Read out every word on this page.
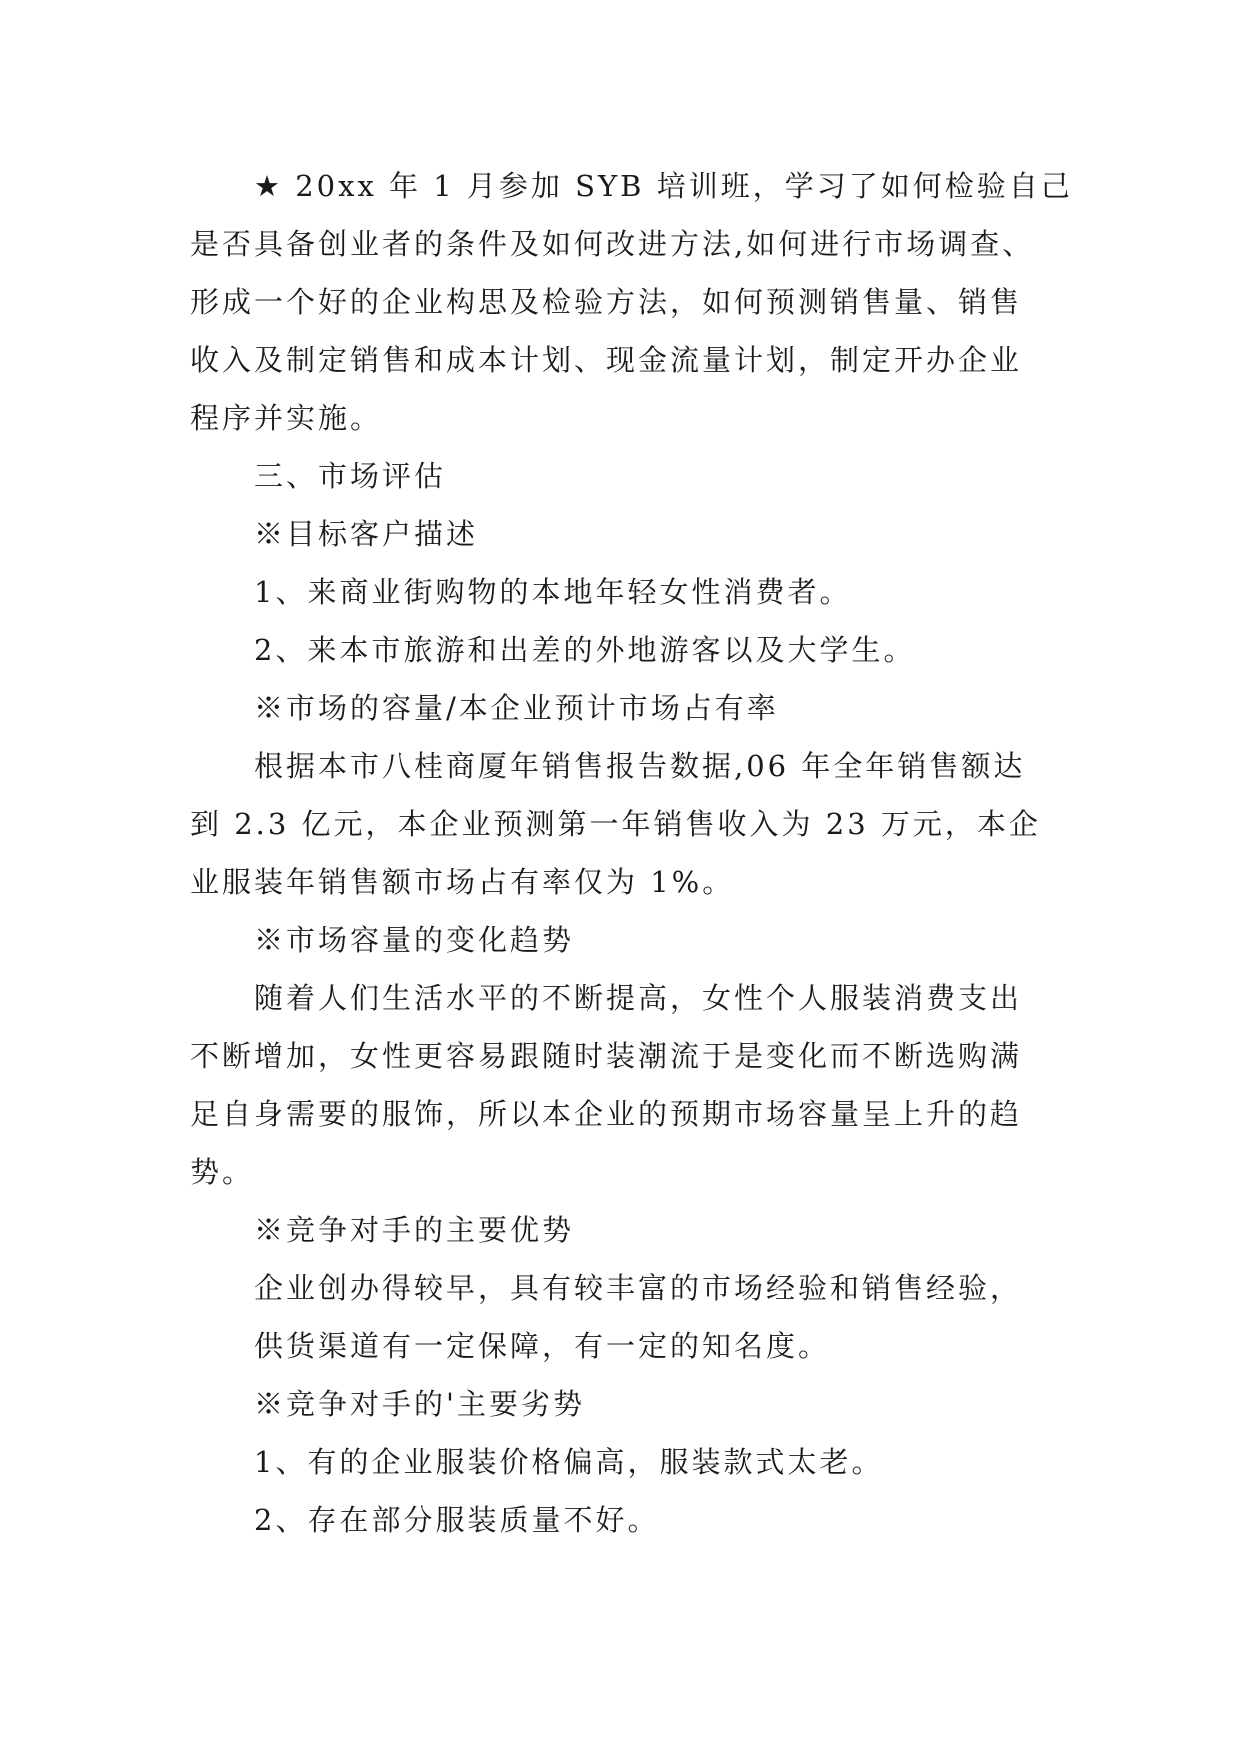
★ 20xx 年 1 月参加 SYB 培训班，学习了如何检验自己
是否具备创业者的条件及如何改进方法,如何进行市场调查、
形成一个好的企业构思及检验方法，如何预测销售量、销售
收入及制定销售和成本计划、现金流量计划，制定开办企业
程序并实施。
三、市场评估
※目标客户描述
1、来商业街购物的本地年轻女性消费者。
2、来本市旅游和出差的外地游客以及大学生。
※市场的容量/本企业预计市场占有率
根据本市八桂商厦年销售报告数据,06 年全年销售额达
到 2.3 亿元，本企业预测第一年销售收入为 23 万元，本企
业服装年销售额市场占有率仅为 1%。
※市场容量的变化趋势
随着人们生活水平的不断提高，女性个人服装消费支出
不断增加，女性更容易跟随时装潮流于是变化而不断选购满
足自身需要的服饰，所以本企业的预期市场容量呈上升的趋
势。
※竞争对手的主要优势
企业创办得较早，具有较丰富的市场经验和销售经验，
供货渠道有一定保障，有一定的知名度。
※竞争对手的'主要劣势
1、有的企业服装价格偏高，服装款式太老。
2、存在部分服装质量不好。
